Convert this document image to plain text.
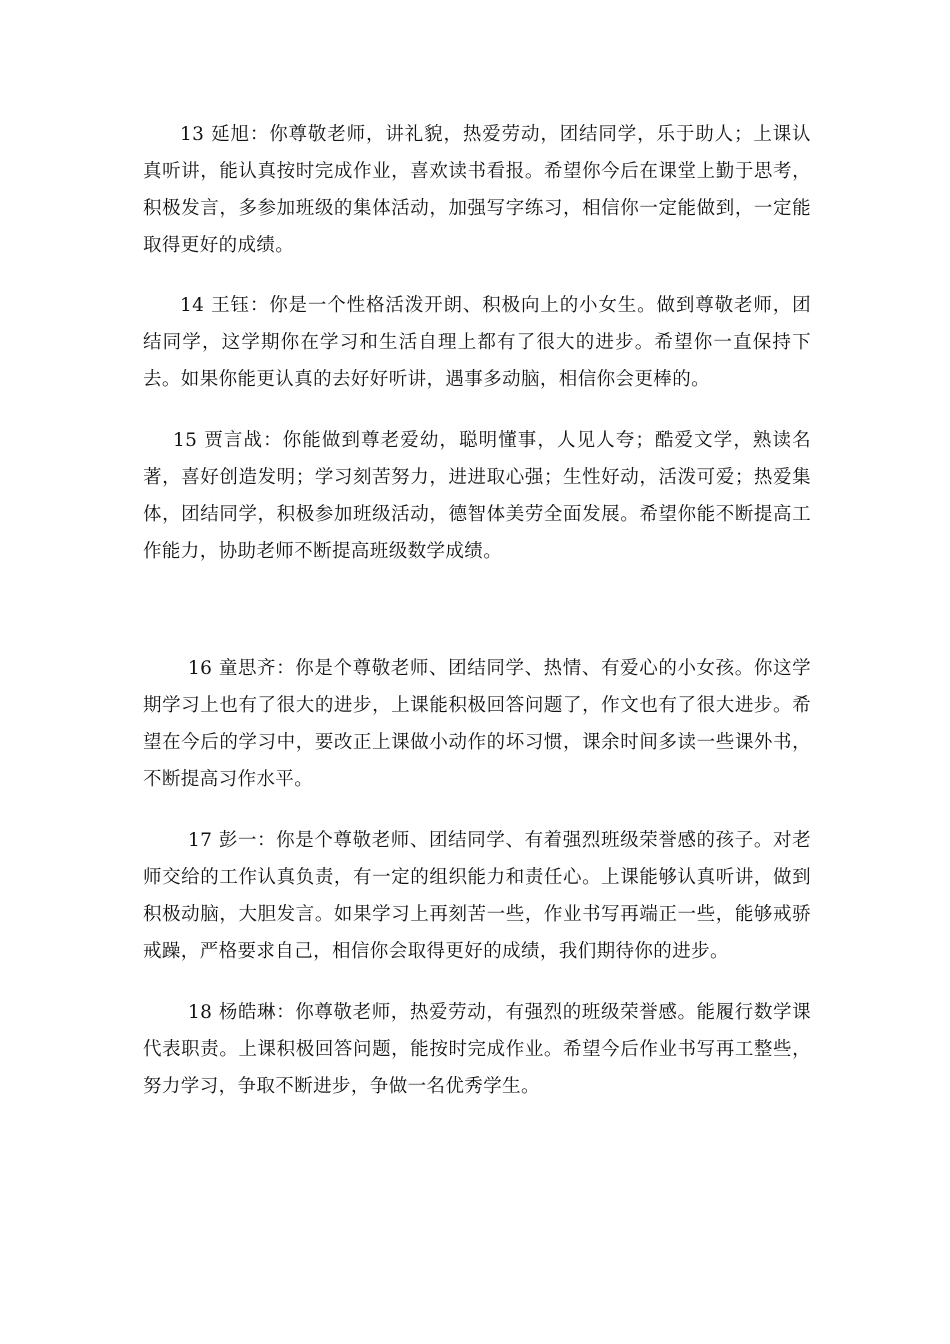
13 延旭：你尊敬老师，讲礼貌，热爱劳动，团结同学，乐于助人；上课认真听讲，能认真按时完成作业，喜欢读书看报。希望你今后在课堂上勤于思考，积极发言，多参加班级的集体活动，加强写字练习，相信你一定能做到，一定能取得更好的成绩。

14 王钰：你是一个性格活泼开朗、积极向上的小女生。做到尊敬老师，团结同学，这学期你在学习和生活自理上都有了很大的进步。希望你一直保持下去。如果你能更认真的去好好听讲，遇事多动脑，相信你会更棒的。

15 贾言战：你能做到尊老爱幼，聪明懂事，人见人夸；酷爱文学，熟读名著，喜好创造发明；学习刻苦努力，进进取心强；生性好动，活泼可爱；热爱集体，团结同学，积极参加班级活动，德智体美劳全面发展。希望你能不断提高工作能力，协助老师不断提高班级数学成绩。

16 童思齐：你是个尊敬老师、团结同学、热情、有爱心的小女孩。你这学期学习上也有了很大的进步，上课能积极回答问题了，作文也有了很大进步。希望在今后的学习中，要改正上课做小动作的坏习惯，课余时间多读一些课外书，不断提高习作水平。

17 彭一：你是个尊敬老师、团结同学、有着强烈班级荣誉感的孩子。对老师交给的工作认真负责，有一定的组织能力和责任心。上课能够认真听讲，做到积极动脑，大胆发言。如果学习上再刻苦一些，作业书写再端正一些，能够戒骄戒躁，严格要求自己，相信你会取得更好的成绩，我们期待你的进步。

18 杨皓琳：你尊敬老师，热爱劳动，有强烈的班级荣誉感。能履行数学课代表职责。上课积极回答问题，能按时完成作业。希望今后作业书写再工整些，努力学习，争取不断进步，争做一名优秀学生。
